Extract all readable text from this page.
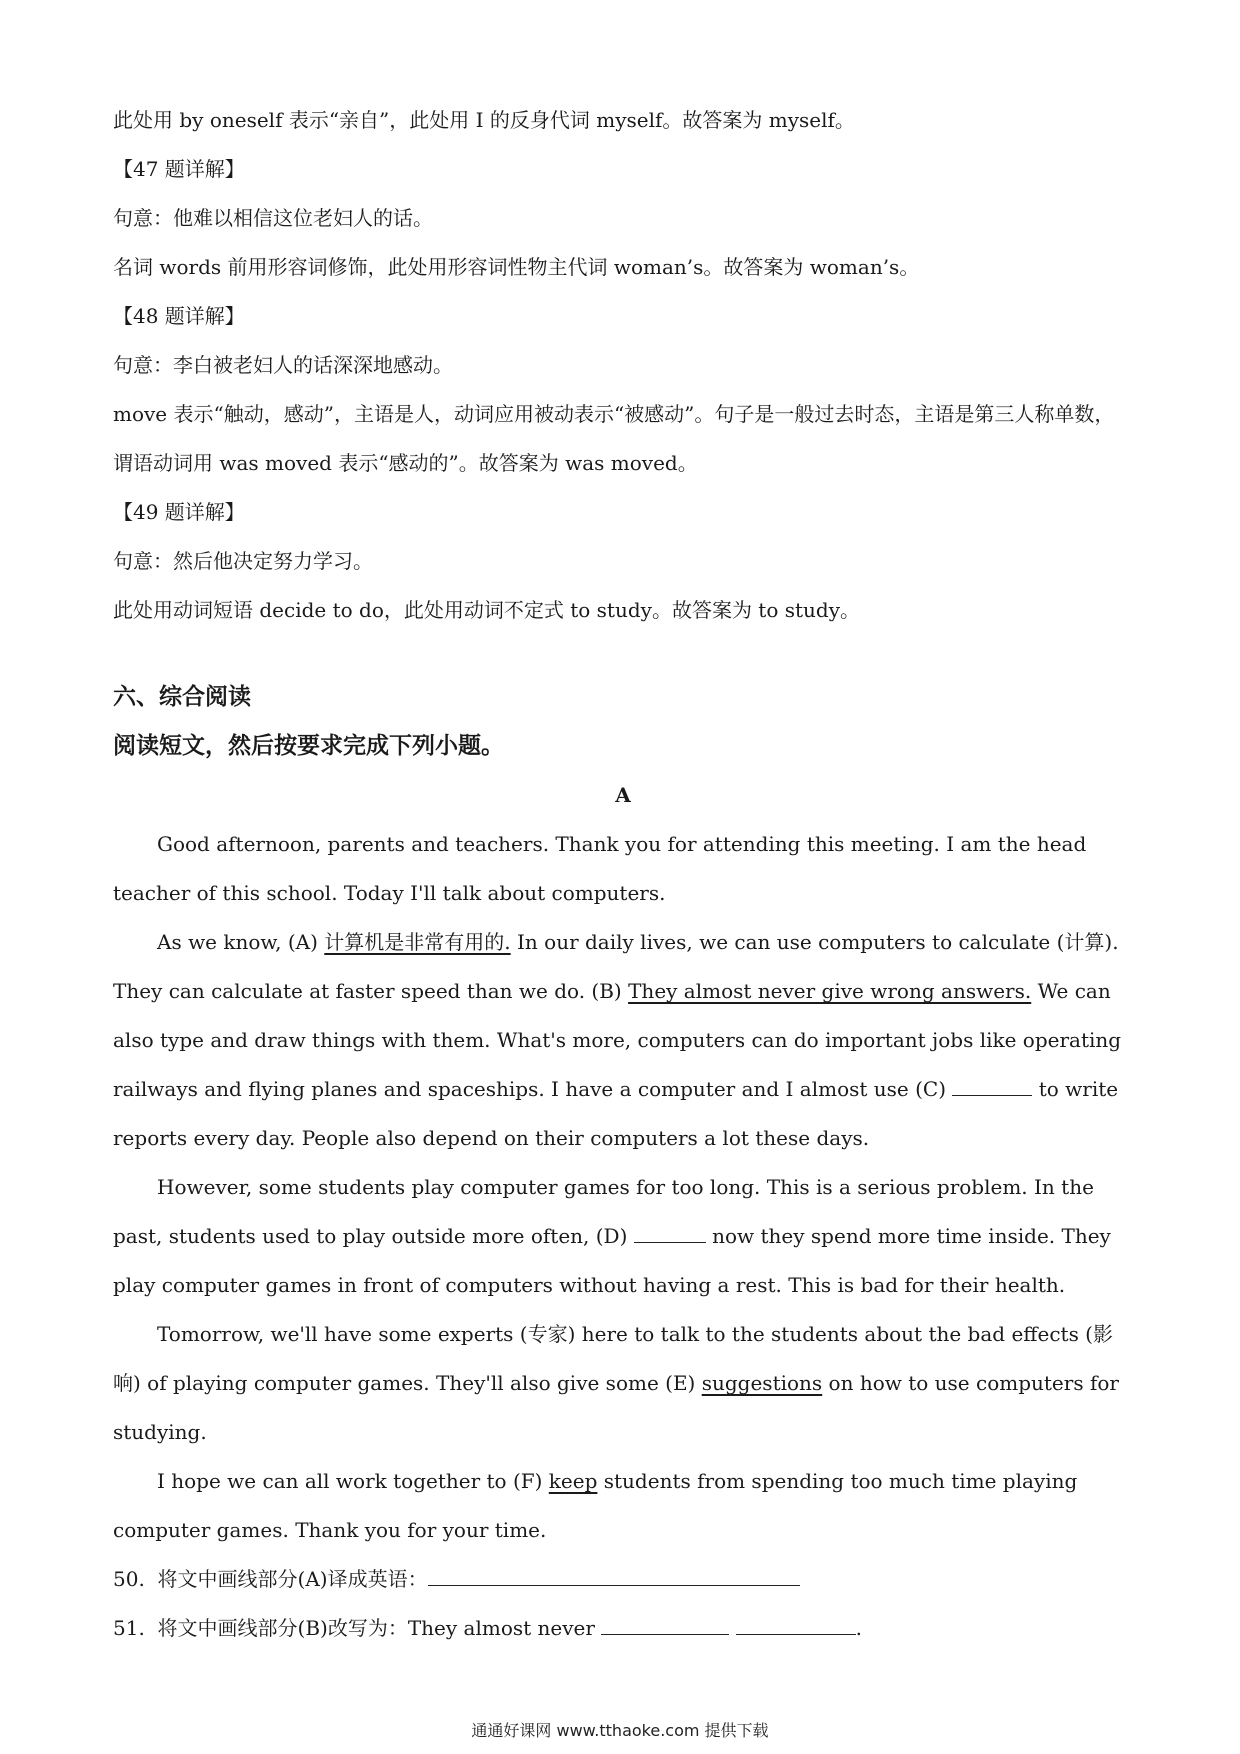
此处用 by oneself 表示“亲自”，此处用 I 的反身代词 myself。故答案为 myself。
【47 题详解】
句意：他难以相信这位老妇人的话。
名词 words 前用形容词修饰，此处用形容词性物主代词 woman’s。故答案为 woman’s。
【48 题详解】
句意：李白被老妇人的话深深地感动。
move 表示“触动，感动”，主语是人，动词应用被动表示“被感动”。句子是一般过去时态，主语是第三人称单数，谓语动词用 was moved 表示“感动的”。故答案为 was moved。
【49 题详解】
句意：然后他决定努力学习。
此处用动词短语 decide to do，此处用动词不定式 to study。故答案为 to study。
六、综合阅读
阅读短文，然后按要求完成下列小题。
A
Good afternoon, parents and teachers. Thank you for attending this meeting. I am the head teacher of this school. Today I'll talk about computers.
As we know, (A) 计算机是非常有用的. In our daily lives, we can use computers to calculate (计算). They can calculate at faster speed than we do. (B) They almost never give wrong answers. We can also type and draw things with them. What's more, computers can do important jobs like operating railways and flying planes and spaceships. I have a computer and I almost use (C)	to write reports every day. People also depend on their computers a lot these days.
However, some students play computer games for too long. This is a serious problem. In the past, students used to play outside more often, (D)	now they spend more time inside. They play computer games in front of computers without having a rest. This is bad for their health.
Tomorrow, we'll have some experts (专家) here to talk to the students about the bad effects (影响) of playing computer games. They'll also give some (E) suggestions on how to use computers for studying.
I hope we can all work together to (F) keep students from spending too much time playing computer games. Thank you for your time.
50. 将文中画线部分(A)译成英语：
51. 将文中画线部分(B)改写为：They almost never	.
通通好课网 www.tthaoke.com 提供下载
